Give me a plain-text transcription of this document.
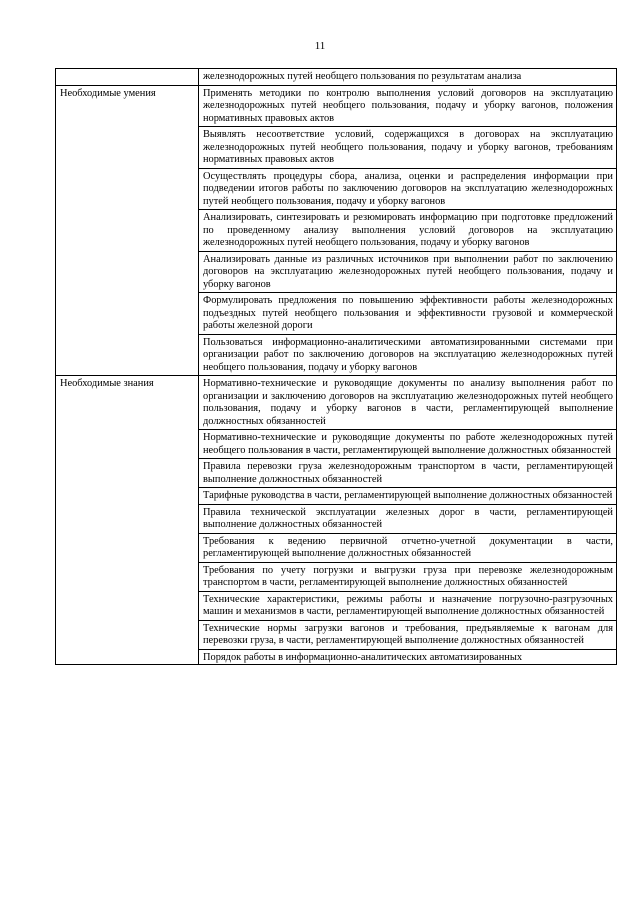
11
	железнодорожных путей необщего пользования по результатам анализа
Необходимые умения	Применять методики по контролю выполнения условий договоров на эксплуатацию железнодорожных путей необщего пользования, подачу и уборку вагонов, положения нормативных правовых актов
	Выявлять несоответствие условий, содержащихся в договорах на эксплуатацию железнодорожных путей необщего пользования, подачу и уборку вагонов, требованиям нормативных правовых актов
	Осуществлять процедуры сбора, анализа, оценки и распределения информации при подведении итогов работы по заключению договоров на эксплуатацию железнодорожных путей необщего пользования, подачу и уборку вагонов
	Анализировать, синтезировать и резюмировать информацию при подготовке предложений по проведенному анализу выполнения условий договоров на эксплуатацию железнодорожных путей необщего пользования, подачу и уборку вагонов
	Анализировать данные из различных источников при выполнении работ по заключению договоров на эксплуатацию железнодорожных путей необщего пользования, подачу и уборку вагонов
	Формулировать предложения по повышению эффективности работы железнодорожных подъездных путей необщего пользования и эффективности грузовой и коммерческой работы железной дороги
	Пользоваться информационно-аналитическими автоматизированными системами при организации работ по заключению договоров на эксплуатацию железнодорожных путей необщего пользования, подачу и уборку вагонов
Необходимые знания	Нормативно-технические и руководящие документы по анализу выполнения работ по организации и заключению договоров на эксплуатацию железнодорожных путей необщего пользования, подачу и уборку вагонов в части, регламентирующей выполнение должностных обязанностей
	Нормативно-технические и руководящие документы по работе железнодорожных путей необщего пользования в части, регламентирующей выполнение должностных обязанностей
	Правила перевозки груза железнодорожным транспортом в части, регламентирующей выполнение должностных обязанностей
	Тарифные руководства в части, регламентирующей выполнение должностных обязанностей
	Правила технической эксплуатации железных дорог в части, регламентирующей выполнение должностных обязанностей
	Требования к ведению первичной отчетно-учетной документации в части, регламентирующей выполнение должностных обязанностей
	Требования по учету погрузки и выгрузки груза при перевозке железнодорожным транспортом в части, регламентирующей выполнение должностных обязанностей
	Технические характеристики, режимы работы и назначение погрузочно-разгрузочных машин и механизмов в части, регламентирующей выполнение должностных обязанностей
	Технические нормы загрузки вагонов и требования, предъявляемые к вагонам для перевозки груза, в части, регламентирующей выполнение должностных обязанностей
	Порядок работы в информационно-аналитических автоматизированных
